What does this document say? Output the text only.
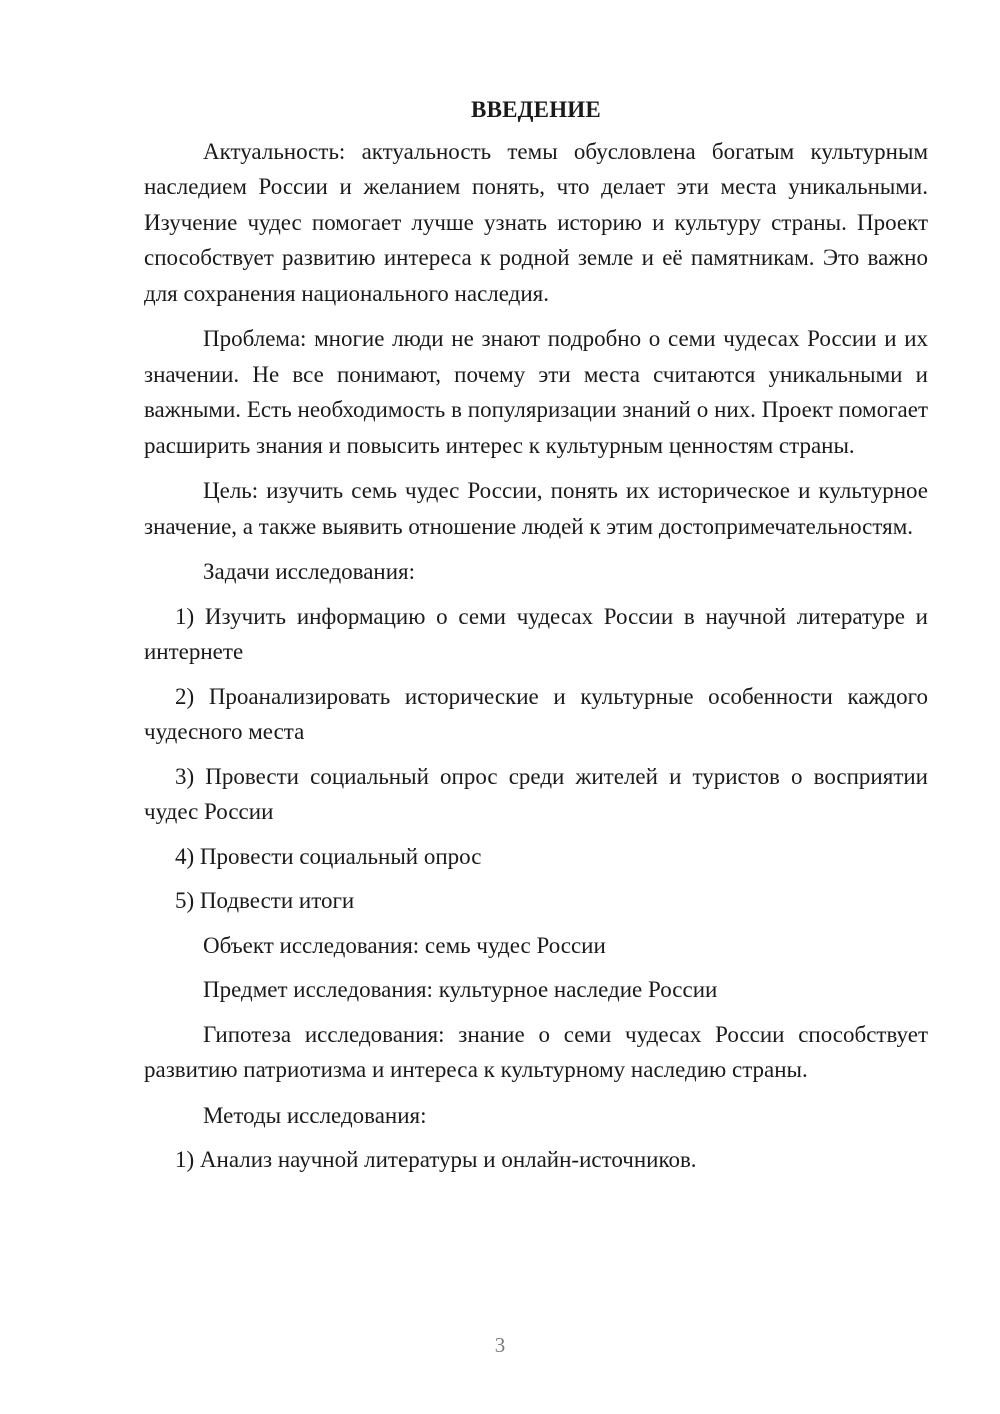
ВВЕДЕНИЕ

Актуальность: актуальность темы обусловлена богатым культурным наследием России и желанием понять, что делает эти места уникальными. Изучение чудес помогает лучше узнать историю и культуру страны. Проект способствует развитию интереса к родной земле и её памятникам. Это важно для сохранения национального наследия.

Проблема: многие люди не знают подробно о семи чудесах России и их значении. Не все понимают, почему эти места считаются уникальными и важными. Есть необходимость в популяризации знаний о них. Проект помогает расширить знания и повысить интерес к культурным ценностям страны.

Цель: изучить семь чудес России, понять их историческое и культурное значение, а также выявить отношение людей к этим достопримечательностям.

Задачи исследования:

1) Изучить информацию о семи чудесах России в научной литературе и интернете

2) Проанализировать исторические и культурные особенности каждого чудесного места

3) Провести социальный опрос среди жителей и туристов о восприятии чудес России

4) Провести социальный опрос

5) Подвести итоги

Объект исследования: семь чудес России

Предмет исследования: культурное наследие России

Гипотеза исследования: знание о семи чудесах России способствует развитию патриотизма и интереса к культурному наследию страны.

Методы исследования:

1) Анализ научной литературы и онлайн-источников.

3
